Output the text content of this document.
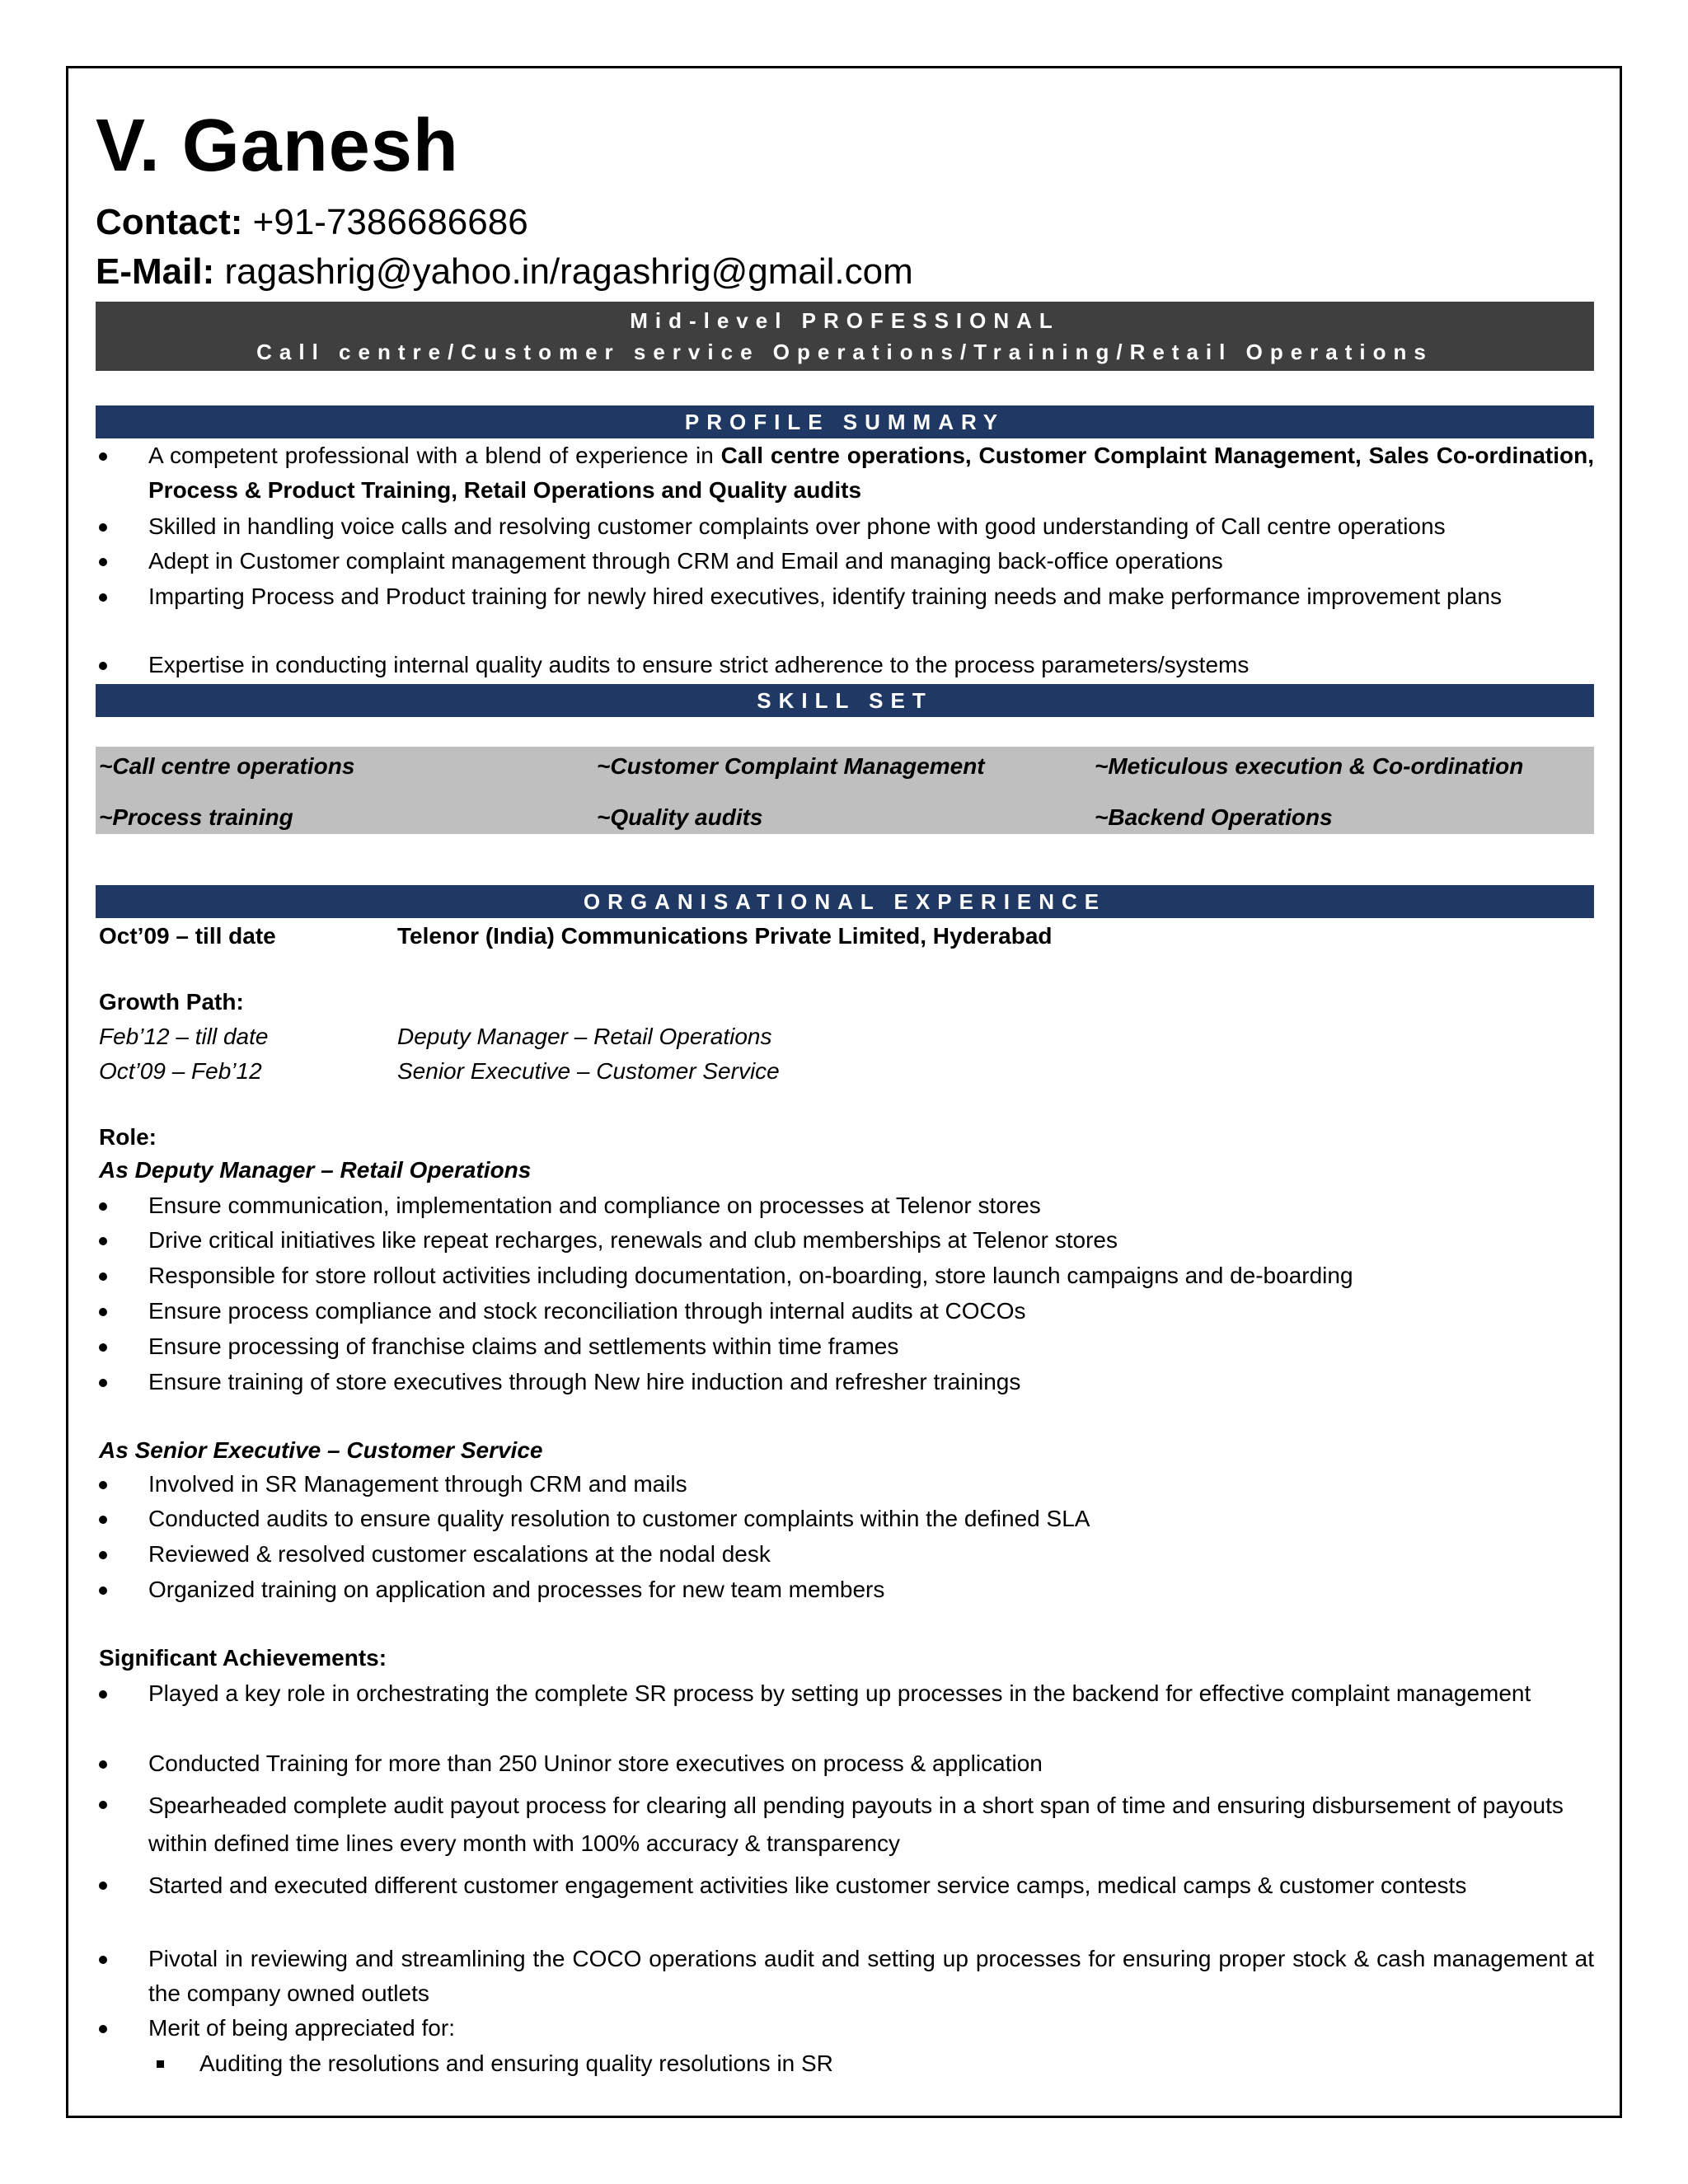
V. Ganesh
Contact: +91-7386686686
E-Mail: ragashrig@yahoo.in/ragashrig@gmail.com
Mid-level PROFESSIONAL
Call centre/Customer service Operations/Training/Retail Operations
PROFILE SUMMARY
A competent professional with a blend of experience in Call centre operations, Customer Complaint Management, Sales Co-ordination, Process & Product Training, Retail Operations and Quality audits
Skilled in handling voice calls and resolving customer complaints over phone with good understanding of Call centre operations
Adept in Customer complaint management through CRM and Email and managing back-office operations
Imparting Process and Product training for newly hired executives, identify training needs and make performance improvement plans
Expertise in conducting internal quality audits to ensure strict adherence to the process parameters/systems
SKILL SET
~Call centre operations	~Customer Complaint Management	~Meticulous execution & Co-ordination
~Process training	~Quality audits	~Backend Operations
ORGANISATIONAL EXPERIENCE
Oct’09 – till date	Telenor (India) Communications Private Limited, Hyderabad
Growth Path:
Feb’12 – till date	Deputy Manager – Retail Operations
Oct’09 – Feb’12	Senior Executive – Customer Service
Role:
As Deputy Manager – Retail Operations
Ensure communication, implementation and compliance on processes at Telenor stores
Drive critical initiatives like repeat recharges, renewals and club memberships at Telenor stores
Responsible for store rollout activities including documentation, on-boarding, store launch campaigns and de-boarding
Ensure process compliance and stock reconciliation through internal audits at COCOs
Ensure processing of franchise claims and settlements within time frames
Ensure training of store executives through New hire induction and refresher trainings
As Senior Executive – Customer Service
Involved in SR Management through CRM and mails
Conducted audits to ensure quality resolution to customer complaints within the defined SLA
Reviewed & resolved customer escalations at the nodal desk
Organized training on application and processes for new team members
Significant Achievements:
Played a key role in orchestrating the complete SR process by setting up processes in the backend for effective complaint management
Conducted Training for more than 250 Uninor store executives on process & application
Spearheaded complete audit payout process for clearing all pending payouts in a short span of time and ensuring disbursement of payouts within defined time lines every month with 100% accuracy & transparency
Started and executed different customer engagement activities like customer service camps, medical camps & customer contests
Pivotal in reviewing and streamlining the COCO operations audit and setting up processes for ensuring proper stock & cash management at the company owned outlets
Merit of being appreciated for:
Auditing the resolutions and ensuring quality resolutions in SR
